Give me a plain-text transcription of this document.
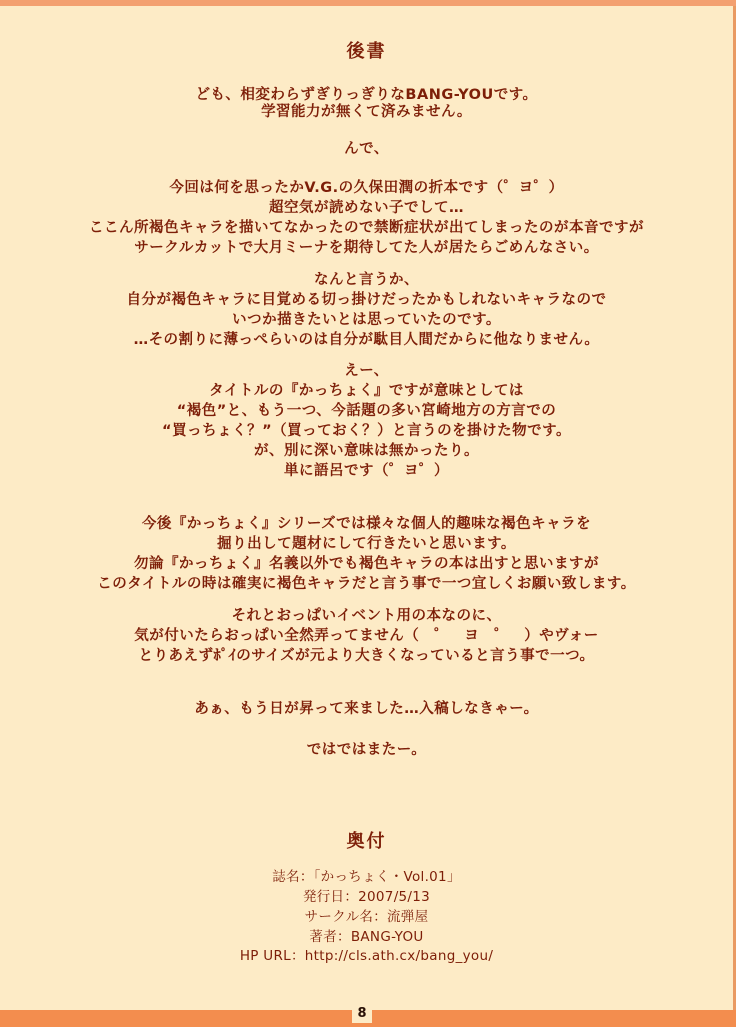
後書
ども、相変わらずぎりっぎりなBANG-YOUです。
学習能力が無くて済みません。
んで、
今回は何を思ったかV.G.の久保田潤の折本です（゜ヨ゜）
超空気が読めない子でして…
ここん所褐色キャラを描いてなかったので禁断症状が出てしまったのが本音ですが
サークルカットで大月ミーナを期待してた人が居たらごめんなさい。
なんと言うか、
自分が褐色キャラに目覚める切っ掛けだったかもしれないキャラなので
いつか描きたいとは思っていたのです。
…その割りに薄っぺらいのは自分が駄目人間だからに他なりません。
えー、
タイトルの『かっちょく』ですが意味としては
“褐色”と、もう一つ、今話題の多い宮崎地方の方言での
“買っちょく？”（買っておく？）と言うのを掛けた物です。
が、別に深い意味は無かったり。
単に語呂です（゜ヨ゜）
今後『かっちょく』シリーズでは様々な個人的趣味な褐色キャラを
掘り出して題材にして行きたいと思います。
勿論『かっちょく』名義以外でも褐色キャラの本は出すと思いますが
このタイトルの時は確実に褐色キャラだと言う事で一つ宜しくお願い致します。
それとおっぱいイベント用の本なのに、
気が付いたらおっぱい全然弄ってません（　゜　ヨ　゜　）やヴォー
とりあえずﾎﾟｲのサイズが元より大きくなっていると言う事で一つ。
あぁ、もう日が昇って来ました…入稿しなきゃー。
ではではまたー。
奥付
誌名：「かっちょく・Vol.01」
発行日：2007/5/13
サークル名：流弾屋
著者：BANG-YOU
HP URL：http://cls.ath.cx/bang_you/
8
